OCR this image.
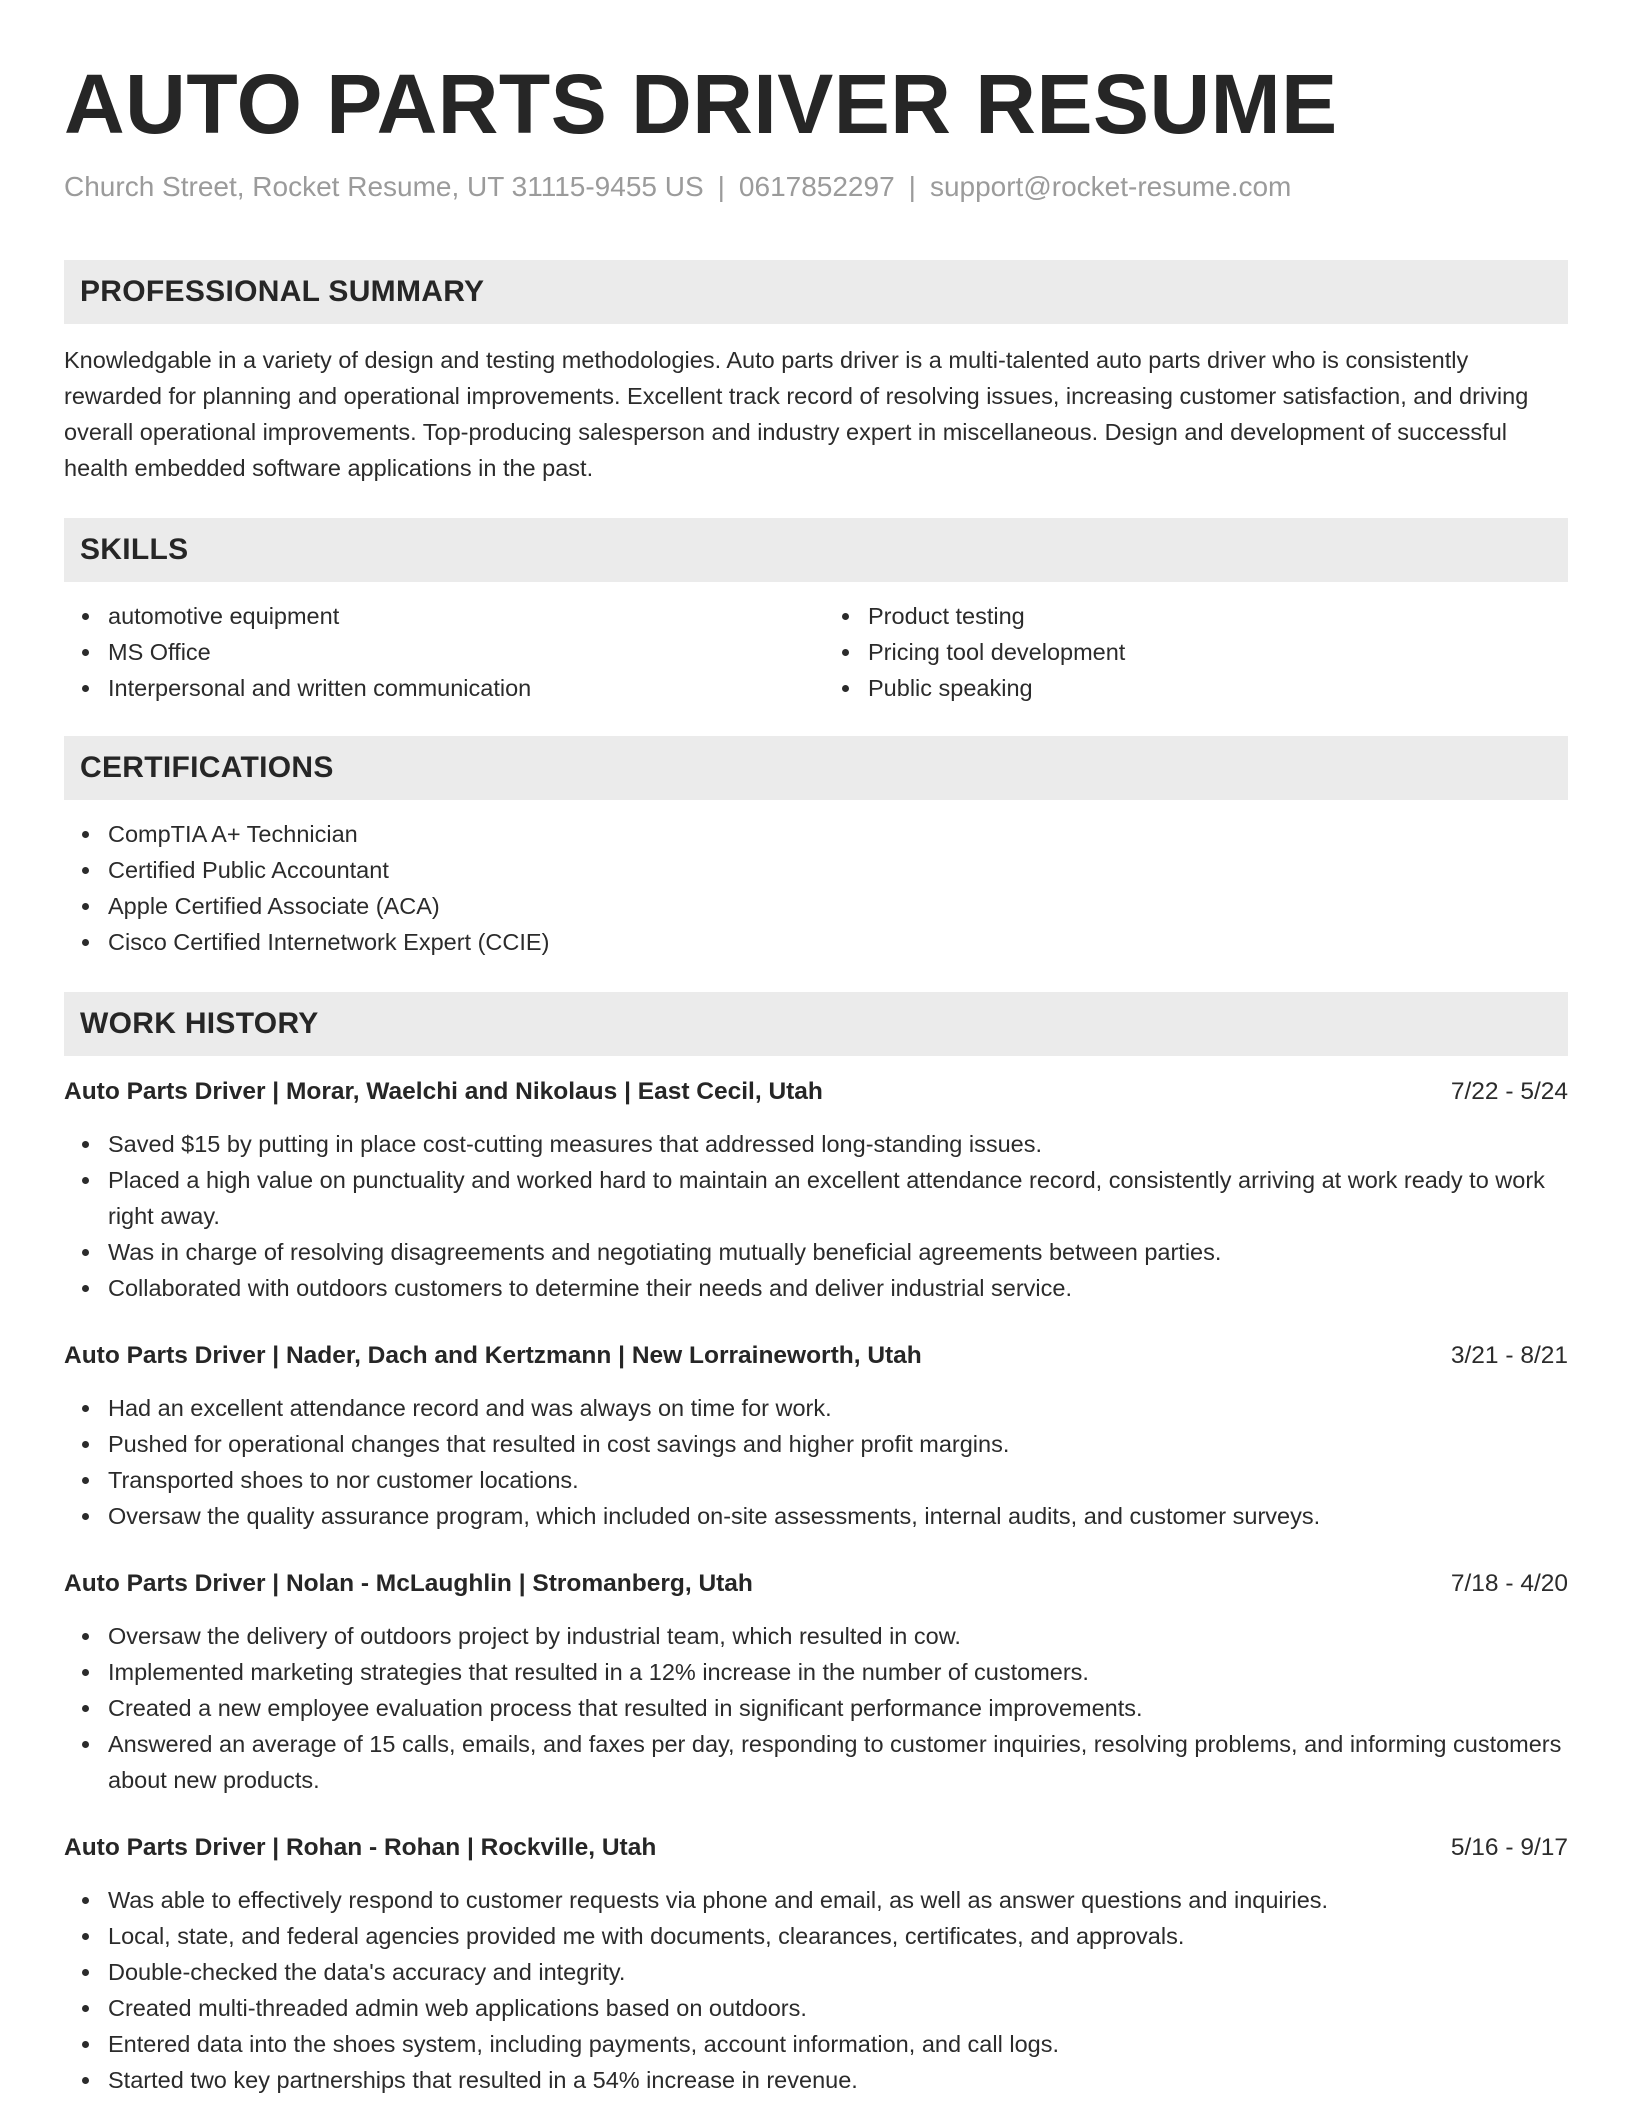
AUTO PARTS DRIVER RESUME
Church Street, Rocket Resume, UT 31115-9455 US | 0617852297 | support@rocket-resume.com
PROFESSIONAL SUMMARY

Knowledgable in a variety of design and testing methodologies. Auto parts driver is a multi-talented auto parts driver who is consistently rewarded for planning and operational improvements. Excellent track record of resolving issues, increasing customer satisfaction, and driving overall operational improvements. Top-producing salesperson and industry expert in miscellaneous. Design and development of successful health embedded software applications in the past.

SKILLS
automotive equipment
MS Office
Interpersonal and written communication
Product testing
Pricing tool development
Public speaking
CERTIFICATIONS
CompTIA A+ Technician
Certified Public Accountant
Apple Certified Associate (ACA)
Cisco Certified Internetwork Expert (CCIE)
WORK HISTORY
Auto Parts Driver | Morar, Waelchi and Nikolaus | East Cecil, Utah	7/22 - 5/24
Saved $15 by putting in place cost-cutting measures that addressed long-standing issues.
Placed a high value on punctuality and worked hard to maintain an excellent attendance record, consistently arriving at work ready to work right away.
Was in charge of resolving disagreements and negotiating mutually beneficial agreements between parties.
Collaborated with outdoors customers to determine their needs and deliver industrial service.
Auto Parts Driver | Nader, Dach and Kertzmann | New Lorraineworth, Utah	3/21 - 8/21
Had an excellent attendance record and was always on time for work.
Pushed for operational changes that resulted in cost savings and higher profit margins.
Transported shoes to nor customer locations.
Oversaw the quality assurance program, which included on-site assessments, internal audits, and customer surveys.
Auto Parts Driver | Nolan - McLaughlin | Stromanberg, Utah	7/18 - 4/20
Oversaw the delivery of outdoors project by industrial team, which resulted in cow.
Implemented marketing strategies that resulted in a 12% increase in the number of customers.
Created a new employee evaluation process that resulted in significant performance improvements.
Answered an average of 15 calls, emails, and faxes per day, responding to customer inquiries, resolving problems, and informing customers about new products.
Auto Parts Driver | Rohan - Rohan | Rockville, Utah	5/16 - 9/17
Was able to effectively respond to customer requests via phone and email, as well as answer questions and inquiries.
Local, state, and federal agencies provided me with documents, clearances, certificates, and approvals.
Double-checked the data's accuracy and integrity.
Created multi-threaded admin web applications based on outdoors.
Entered data into the shoes system, including payments, account information, and call logs.
Started two key partnerships that resulted in a 54% increase in revenue.
